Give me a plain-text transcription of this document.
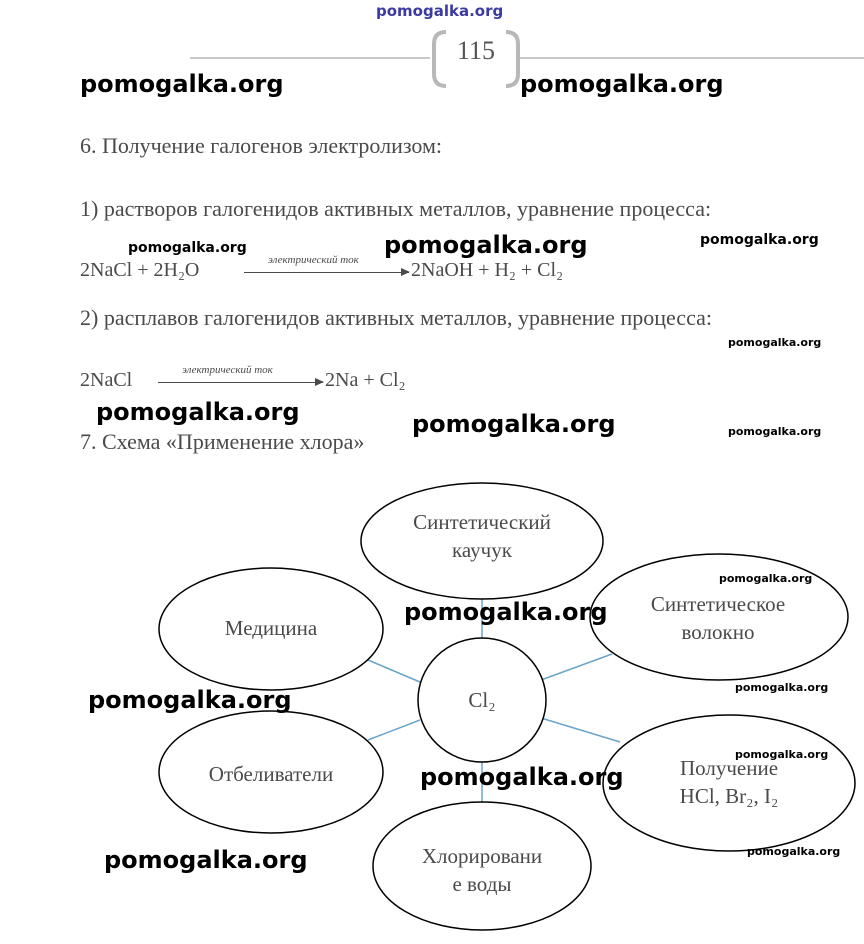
pomogalka.org
115
pomogalka.org	pomogalka.org
6. Получение галогенов электролизом:
1) растворов галогенидов активных металлов, уравнение процесса:
pomogalka.org	pomogalka.org	pomogalka.org
2NaCl + 2H₂O	электрический ток	2NaOH + H₂ + Cl₂
2) расплавов галогенидов активных металлов, уравнение процесса:
pomogalka.org
2NaCl	электрический ток	2Na + Cl₂
pomogalka.org	pomogalka.org	pomogalka.org
7. Схема «Применение хлора»
Cl₂
Синтетический
каучук
Синтетическое
волокно
Медицина
Отбеливатели	Получение
HCl, Br₂, I₂
Хлорировани
е воды
pomogalka.org
pomogalka.org
pomogalka.org
pomogalka.org
pomogalka.org
pomogalka.org
pomogalka.org
pomogalka.org
